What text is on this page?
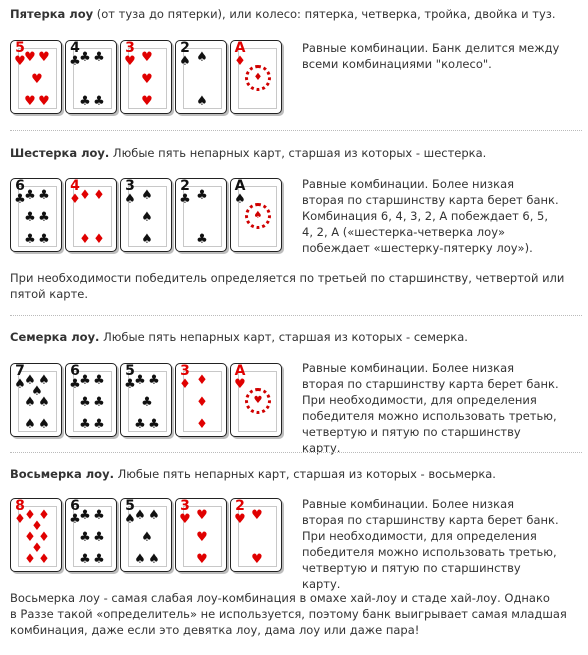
Пятерка лоу (от туза до пятерки), или колесо: пятерка, четверка, тройка, двойка и туз.
5
♥
♥ ♥
♥
♥ ♥
4
♣
♣ ♣
♣ ♣
3
♥ ♥
♥
♥
2
♠ ♠
♠
A
♦
♦
Равные комбинации. Банк делится между
всеми комбинациями "колесо".
Шестерка лоу. Любые пять непарных карт, старшая из которых - шестерка.
6
♣
♣ ♣
♣ ♣
♣ ♣
4
♦
♦ ♦
♦ ♦
3
♠ ♠
♠
♠
2
♣ ♣
♣
A
♠
♠
Равные комбинации. Более низкая
вторая по старшинству карта берет банк.
Комбинация 6, 4, 3, 2, А побеждает 6, 5,
4, 2, А («шестерка-четверка лоу»
побеждает «шестерку-пятерку лоу»).
При необходимости победитель определяется по третьей по старшинству, четвертой или
пятой карте.
Семерка лоу. Любые пять непарных карт, старшая из которых - семерка.
7
♠
♠ ♠
♠
♠ ♠
♠ ♠
6
♣
♣ ♣
♣ ♣
♣ ♣
5
♣
♣ ♣
♣
♣ ♣
3
♦ ♦
♦
♦
A
♥
♥
Равные комбинации. Более низкая
вторая по старшинству карта берет банк.
При необходимости, для определения
победителя можно использовать третью,
четвертую и пятую по старшинству карту.
Восьмерка лоу. Любые пять непарных карт, старшая из которых - восьмерка.
8
♦
♦ ♦
♦
♦ ♦
♦
♦ ♦
6
♣
♣ ♣
♣ ♣
♣ ♣
5
♠
♠ ♠
♠
♠ ♠
3
♥ ♥
♥
♥
2
♥ ♥
♥
Равные комбинации. Более низкая
вторая по старшинству карта берет банк.
При необходимости, для определения
победителя можно использовать третью,
четвертую и пятую по старшинству карту.
Восьмерка лоу - самая слабая лоу-комбинация в омахе хай-лоу и стаде хай-лоу. Однако
в Раззе такой «определитель» не используется, поэтому банк выигрывает самая младшая
комбинация, даже если это девятка лоу, дама лоу или даже пара!
